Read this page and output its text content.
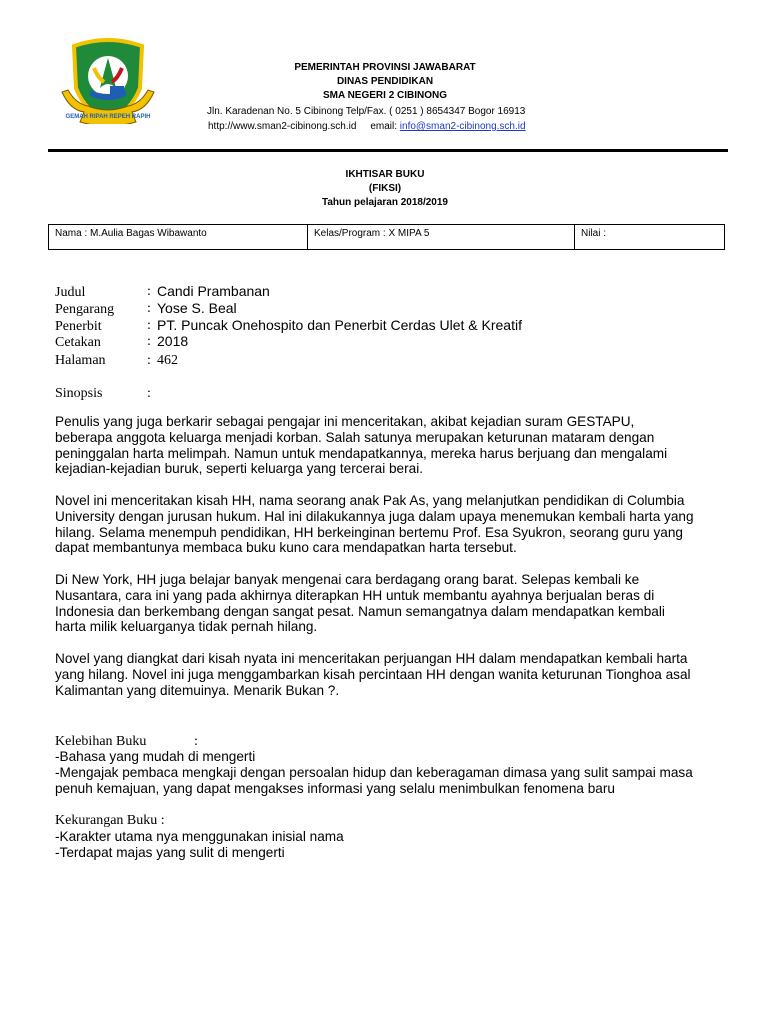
GEMAH RIPAH REPEH RAPIH
PEMERINTAH PROVINSI JAWABARAT
DINAS PENDIDIKAN
SMA NEGERI 2 CIBINONG
Jln. Karadenan No. 5 Cibinong Telp/Fax. ( 0251 ) 8654347 Bogor 16913
http://www.sman2-cibinong.sch.id email: info@sman2-cibinong.sch.id
IKHTISAR BUKU
(FIKSI)
Tahun pelajaran 2018/2019
Nama : M.Aulia Bagas Wibawanto	Kelas/Program : X MIPA 5	Nilai :
Judul	: Candi Prambanan
Pengarang : Yose S. Beal
Penerbit	: PT. Puncak Onehospito dan Penerbit Cerdas Ulet & Kreatif
Cetakan	: 2018
Halaman	: 462
Sinopsis	:
Penulis yang juga berkarir sebagai pengajar ini menceritakan, akibat kejadian suram GESTAPU,
beberapa anggota keluarga menjadi korban. Salah satunya merupakan keturunan mataram dengan
peninggalan harta melimpah. Namun untuk mendapatkannya, mereka harus berjuang dan mengalami
kejadian-kejadian buruk, seperti keluarga yang tercerai berai.
Novel ini menceritakan kisah HH, nama seorang anak Pak As, yang melanjutkan pendidikan di Columbia
University dengan jurusan hukum. Hal ini dilakukannya juga dalam upaya menemukan kembali harta yang
hilang. Selama menempuh pendidikan, HH berkeinginan bertemu Prof. Esa Syukron, seorang guru yang
dapat membantunya membaca buku kuno cara mendapatkan harta tersebut.
Di New York, HH juga belajar banyak mengenai cara berdagang orang barat. Selepas kembali ke
Nusantara, cara ini yang pada akhirnya diterapkan HH untuk membantu ayahnya berjualan beras di
Indonesia dan berkembang dengan sangat pesat. Namun semangatnya dalam mendapatkan kembali
harta milik keluarganya tidak pernah hilang.
Novel yang diangkat dari kisah nyata ini menceritakan perjuangan HH dalam mendapatkan kembali harta
yang hilang. Novel ini juga menggambarkan kisah percintaan HH dengan wanita keturunan Tionghoa asal
Kalimantan yang ditemuinya. Menarik Bukan ?.
Kelebihan Buku	:
-Bahasa yang mudah di mengerti
-Mengajak pembaca mengkaji dengan persoalan hidup dan keberagaman dimasa yang sulit sampai masa
penuh kemajuan, yang dapat mengakses informasi yang selalu menimbulkan fenomena baru
Kekurangan Buku :
-Karakter utama nya menggunakan inisial nama
-Terdapat majas yang sulit di mengerti
